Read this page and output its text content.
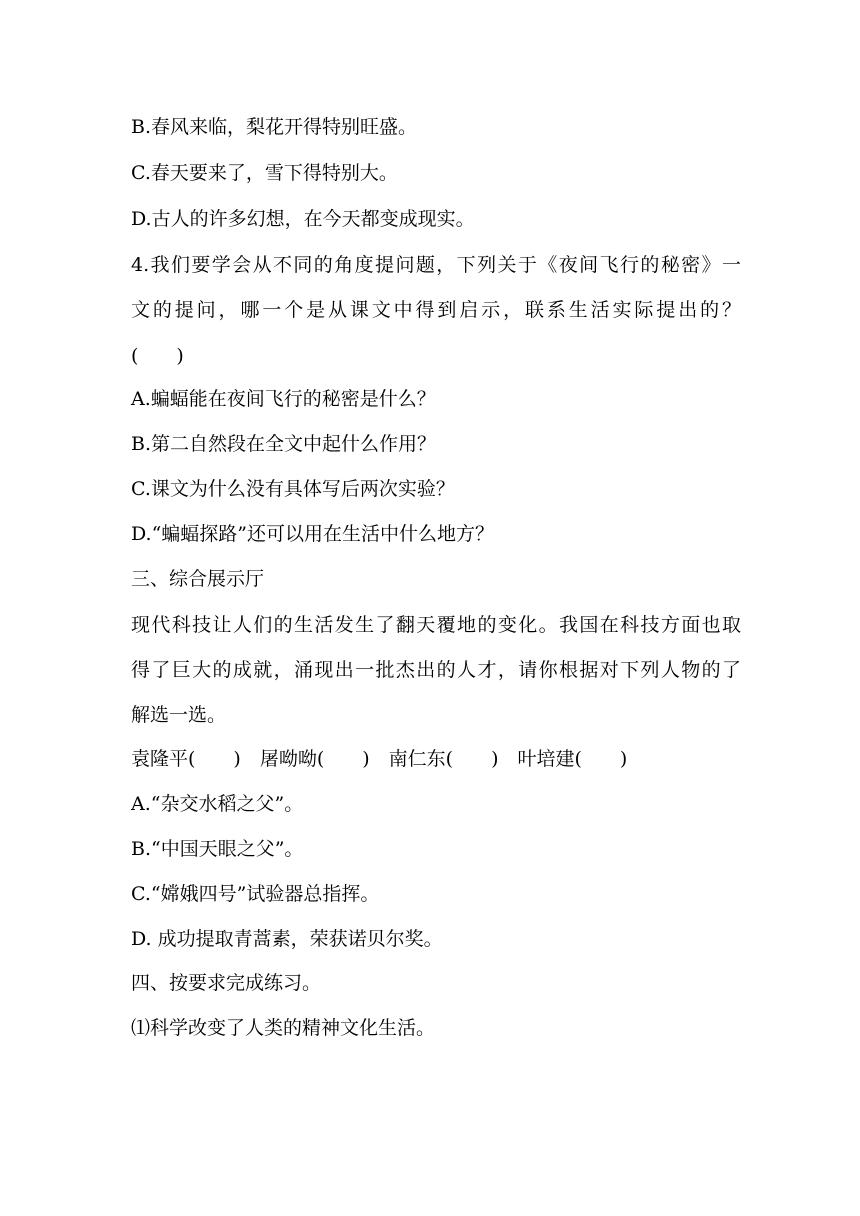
B.春风来临，梨花开得特别旺盛。
C.春天要来了，雪下得特别大。
D.古人的许多幻想，在今天都变成现实。
4.我们要学会从不同的角度提问题，下列关于《夜间飞行的秘密》一
文的提问，哪一个是从课文中得到启示，联系生活实际提出的？
(　　)
A.蝙蝠能在夜间飞行的秘密是什么？
B.第二自然段在全文中起什么作用？
C.课文为什么没有具体写后两次实验？
D.“蝙蝠探路”还可以用在生活中什么地方？
三、综合展示厅
现代科技让人们的生活发生了翻天覆地的变化。我国在科技方面也取
得了巨大的成就，涌现出一批杰出的人才，请你根据对下列人物的了
解选一选。
袁隆平(　　)　屠呦呦(　　)　南仁东(　　)　叶培建(　　)
A.“杂交水稻之父”。
B.“中国天眼之父”。
C.“嫦娥四号”试验器总指挥。
D. 成功提取青蒿素，荣获诺贝尔奖。
四、按要求完成练习。
⑴科学改变了人类的精神文化生活。
